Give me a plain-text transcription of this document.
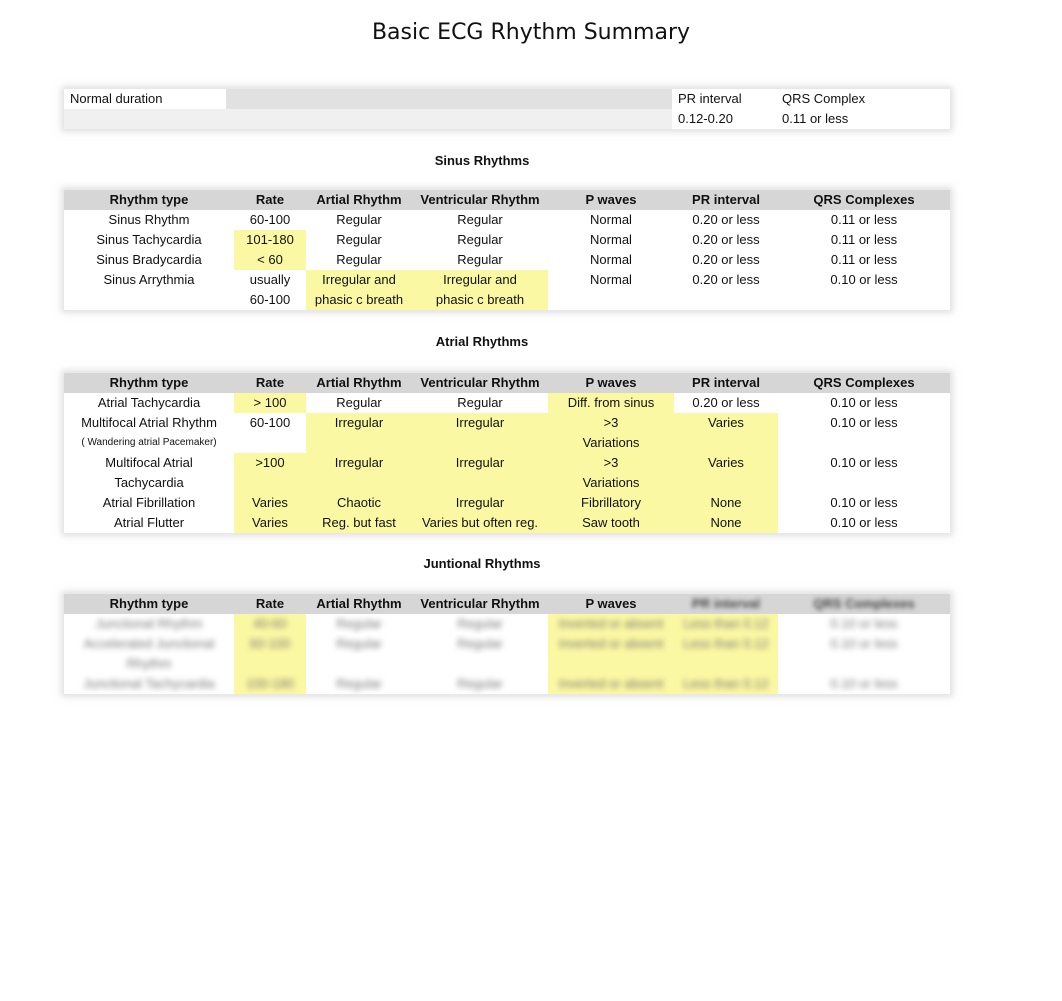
Basic ECG Rhythm Summary
Normal duration					PR interval	QRS Complex
					0.12-0.20	0.11 or less
Sinus Rhythms
Rhythm type	Rate	Artial Rhythm	Ventricular Rhythm	P waves	PR interval	QRS Complexes
Sinus Rhythm	60-100	Regular	Regular	Normal	0.20 or less	0.11 or less
Sinus Tachycardia	101-180	Regular	Regular	Normal	0.20 or less	0.11 or less
Sinus Bradycardia	< 60	Regular	Regular	Normal	0.20 or less	0.11 or less
Sinus Arrythmia	usually	Irregular and	Irregular and	Normal	0.20 or less	0.10 or less
	60-100	phasic c breath	phasic c breath			
Atrial Rhythms
Rhythm type	Rate	Artial Rhythm	Ventricular Rhythm	P waves	PR interval	QRS Complexes
Atrial Tachycardia	> 100	Regular	Regular	Diff. from sinus	0.20 or less	0.10 or less
Multifocal Atrial Rhythm	60-100	Irregular	Irregular	>3	Varies	0.10 or less
( Wandering atrial Pacemaker)				Variations		
Multifocal Atrial	>100	Irregular	Irregular	>3	Varies	0.10 or less
Tachycardia				Variations		
Atrial Fibrillation	Varies	Chaotic	Irregular	Fibrillatory	None	0.10 or less
Atrial Flutter	Varies	Reg. but fast	Varies but often reg.	Saw tooth	None	0.10 or less
Juntional Rhythms
Rhythm type	Rate	Artial Rhythm	Ventricular Rhythm	P waves	PR interval	QRS Complexes
Junctional Rhythm	40-60	Regular	Regular	Inverted or absent	Less than 0.12	0.10 or less
Accelerated Junctional	60-100	Regular	Regular	Inverted or absent	Less than 0.12	0.10 or less
Rhythm						
Junctional Tachycardia	100-180	Regular	Regular	Inverted or absent	Less than 0.12	0.10 or less
